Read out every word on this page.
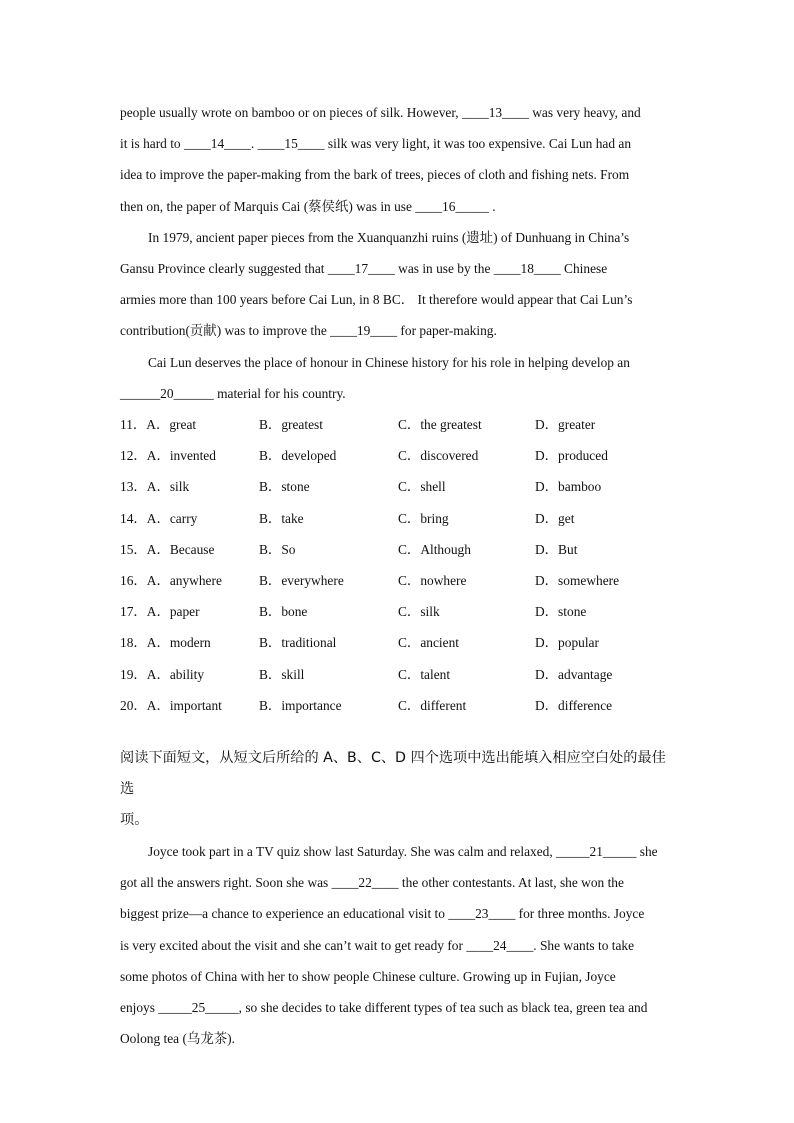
people usually wrote on bamboo or on pieces of silk. However, ____13____ was very heavy, and

it is hard to ____14____. ____15____ silk was very light, it was too expensive. Cai Lun had an

idea to improve the paper-making from the bark of trees, pieces of cloth and fishing nets. From

then on, the paper of Marquis Cai (蔡侯纸) was in use ____16_____ .

In 1979, ancient paper pieces from the Xuanquanzhi ruins (遗址) of Dunhuang in China’s

Gansu Province clearly suggested that ____17____ was in use by the ____18____ Chinese

armies more than 100 years before Cai Lun, in 8 BC． It therefore would appear that Cai Lun’s

contribution(贡献) was to improve the ____19____ for paper-making.

Cai Lun deserves the place of honour in Chinese history for his role in helping develop an

______20______ material for his country.

11．A．great	B．greatest	C．the greatest	D．greater
12．A．invented	B．developed	C．discovered	D．produced
13．A．silk	B．stone	C．shell	D．bamboo
14．A．carry	B．take	C．bring	D．get
15．A．Because	B．So	C．Although	D．But
16．A．anywhere	B．everywhere	C．nowhere	D．somewhere
17．A．paper	B．bone	C．silk	D．stone
18．A．modern	B．traditional	C．ancient	D．popular
19．A．ability	B．skill	C．talent	D．advantage
20．A．important	B．importance	C．different	D．difference

阅读下面短文，从短文后所给的 A、B、C、D 四个选项中选出能填入相应空白处的最佳选

项。

Joyce took part in a TV quiz show last Saturday. She was calm and relaxed, _____21_____ she

got all the answers right. Soon she was ____22____ the other contestants. At last, she won the

biggest prize—a chance to experience an educational visit to ____23____ for three months. Joyce

is very excited about the visit and she can’t wait to get ready for ____24____. She wants to take

some photos of China with her to show people Chinese culture. Growing up in Fujian, Joyce

enjoys _____25_____, so she decides to take different types of tea such as black tea, green tea and

Oolong tea (乌龙茶).
